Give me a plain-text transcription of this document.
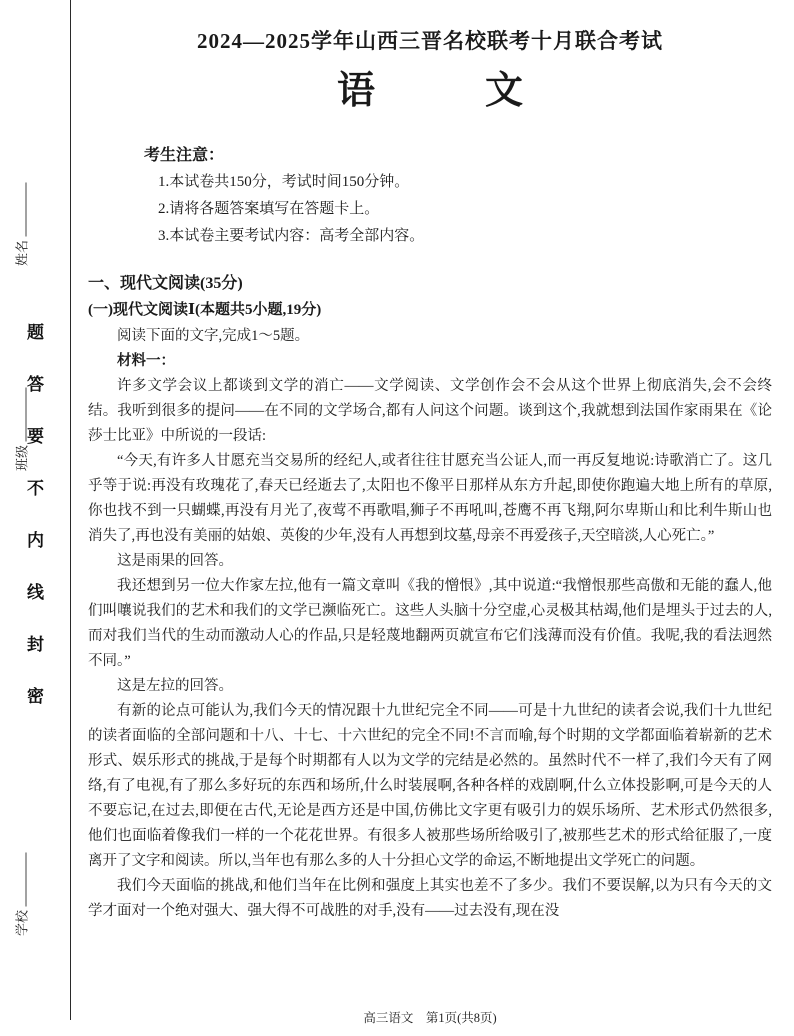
题
答
要
不
内
线
封
密
姓名
班级
学校
2024—2025学年山西三晋名校联考十月联合考试
语	文
考生注意：
1.本试卷共150分，考试时间150分钟。
2.请将各题答案填写在答题卡上。
3.本试卷主要考试内容：高考全部内容。
一、现代文阅读(35分)
(一)现代文阅读Ⅰ(本题共5小题,19分)
阅读下面的文字,完成1～5题。
材料一：
许多文学会议上都谈到文学的消亡——文学阅读、文学创作会不会从这个世界上彻底消失,会不会终结。我听到很多的提问——在不同的文学场合,都有人问这个问题。谈到这个,我就想到法国作家雨果在《论莎士比亚》中所说的一段话:
“今天,有许多人甘愿充当交易所的经纪人,或者往往甘愿充当公证人,而一再反复地说:诗歌消亡了。这几乎等于说:再没有玫瑰花了,春天已经逝去了,太阳也不像平日那样从东方升起,即使你跑遍大地上所有的草原,你也找不到一只蝴蝶,再没有月光了,夜莺不再歌唱,狮子不再吼叫,苍鹰不再飞翔,阿尔卑斯山和比利牛斯山也消失了,再也没有美丽的姑娘、英俊的少年,没有人再想到坟墓,母亲不再爱孩子,天空暗淡,人心死亡。”
这是雨果的回答。
我还想到另一位大作家左拉,他有一篇文章叫《我的憎恨》,其中说道:“我憎恨那些高傲和无能的蠢人,他们叫嚷说我们的艺术和我们的文学已濒临死亡。这些人头脑十分空虚,心灵极其枯竭,他们是埋头于过去的人,而对我们当代的生动而激动人心的作品,只是轻蔑地翻两页就宣布它们浅薄而没有价值。我呢,我的看法迥然不同。”
这是左拉的回答。
有新的论点可能认为,我们今天的情况跟十九世纪完全不同——可是十九世纪的读者会说,我们十九世纪的读者面临的全部问题和十八、十七、十六世纪的完全不同!不言而喻,每个时期的文学都面临着崭新的艺术形式、娱乐形式的挑战,于是每个时期都有人以为文学的完结是必然的。虽然时代不一样了,我们今天有了网络,有了电视,有了那么多好玩的东西和场所,什么时装展啊,各种各样的戏剧啊,什么立体投影啊,可是今天的人不要忘记,在过去,即便在古代,无论是西方还是中国,仿佛比文字更有吸引力的娱乐场所、艺术形式仍然很多,他们也面临着像我们一样的一个花花世界。有很多人被那些场所给吸引了,被那些艺术的形式给征服了,一度离开了文字和阅读。所以,当年也有那么多的人十分担心文学的命运,不断地提出文学死亡的问题。
我们今天面临的挑战,和他们当年在比例和强度上其实也差不了多少。我们不要误解,以为只有今天的文学才面对一个绝对强大、强大得不可战胜的对手,没有——过去没有,现在没
高三语文　第1页(共8页)
